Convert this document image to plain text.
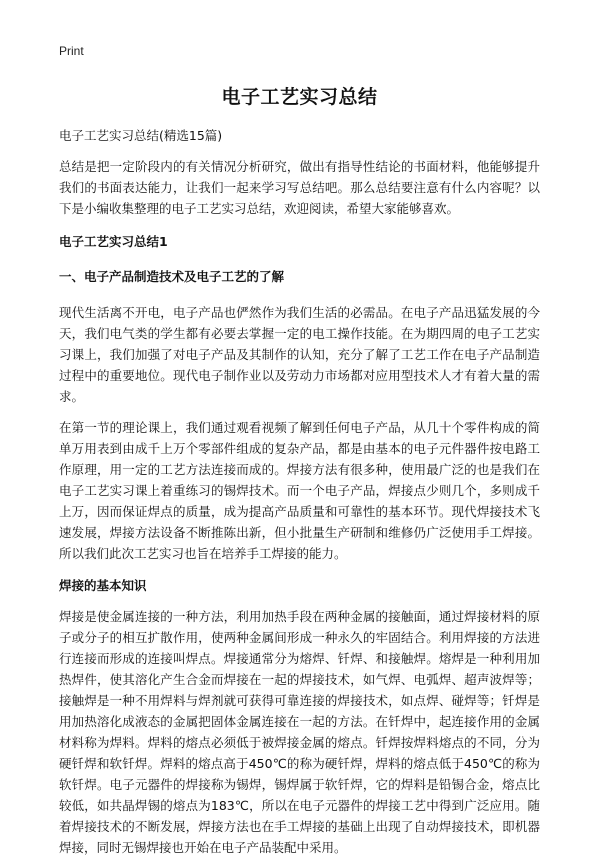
Print
电子工艺实习总结
电子工艺实习总结(精选15篇)

总结是把一定阶段内的有关情况分析研究，做出有指导性结论的书面材料，他能够提升我们的书面表达能力，让我们一起来学习写总结吧。那么总结要注意有什么内容呢？以下是小编收集整理的电子工艺实习总结，欢迎阅读，希望大家能够喜欢。

电子工艺实习总结1
一、电子产品制造技术及电子工艺的了解

现代生活离不开电，电子产品也俨然作为我们生活的必需品。在电子产品迅猛发展的今天，我们电气类的学生都有必要去掌握一定的电工操作技能。在为期四周的电子工艺实习课上，我们加强了对电子产品及其制作的认知，充分了解了工艺工作在电子产品制造过程中的重要地位。现代电子制作业以及劳动力市场都对应用型技术人才有着大量的需求。

在第一节的理论课上，我们通过观看视频了解到任何电子产品，从几十个零件构成的简单万用表到由成千上万个零部件组成的复杂产品，都是由基本的电子元件器件按电路工作原理，用一定的工艺方法连接而成的。焊接方法有很多种，使用最广泛的也是我们在电子工艺实习课上着重练习的锡焊技术。而一个电子产品，焊接点少则几个，多则成千上万，因而保证焊点的质量，成为提高产品质量和可靠性的基本环节。现代焊接技术飞速发展，焊接方法设备不断推陈出新，但小批量生产研制和维修仍广泛使用手工焊接。所以我们此次工艺实习也旨在培养手工焊接的能力。

焊接的基本知识

焊接是使金属连接的一种方法，利用加热手段在两种金属的接触面，通过焊接材料的原子或分子的相互扩散作用，使两种金属间形成一种永久的牢固结合。利用焊接的方法进行连接而形成的连接叫焊点。焊接通常分为熔焊、钎焊、和接触焊。熔焊是一种利用加热焊件，使其溶化产生合金而焊接在一起的焊接技术，如气焊、电弧焊、超声波焊等；接触焊是一种不用焊料与焊剂就可获得可靠连接的焊接技术，如点焊、碰焊等；钎焊是用加热溶化成液态的金属把固体金属连接在一起的方法。在钎焊中，起连接作用的金属材料称为焊料。焊料的熔点必须低于被焊接金属的熔点。钎焊按焊料熔点的不同，分为硬钎焊和软钎焊。焊料的熔点高于450℃的称为硬钎焊，焊料的熔点低于450℃的称为软钎焊。电子元器件的焊接称为锡焊，锡焊属于软钎焊，它的焊料是铅锡合金，熔点比较低，如共晶焊锡的熔点为183℃，所以在电子元器件的焊接工艺中得到广泛应用。随着焊接技术的不断发展，焊接方法也在手工焊接的基础上出现了自动焊接技术，即机器焊接，同时无锡焊接也开始在电子产品装配中采用。
